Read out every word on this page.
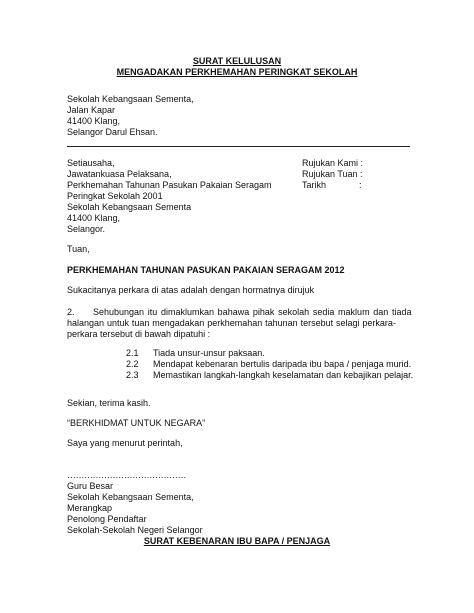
SURAT KELULUSAN
MENGADAKAN PERKHEMAHAN PERINGKAT SEKOLAH
Sekolah Kebangsaan Sementa,
Jalan Kapar
41400 Klang,
Selangor Darul Ehsan.
Setiausaha,
Jawatankuasa Pelaksana,
Perkhemahan Tahunan Pasukan Pakaian Seragam
Peringkat Sekolah 2001
Sekolah Kebangsaan Sementa
41400 Klang,
Selangor.
Rujukan Kami :
Rujukan Tuan :
Tarikh	:
Tuan,
PERKHEMAHAN TAHUNAN PASUKAN PAKAIAN SERAGAM 2012
Sukacitanya perkara di atas adalah dengan hormatnya dirujuk
2. Sehubungan itu dimaklumkan bahawa pihak sekolah sedia maklum dan tiada
halangan untuk tuan mengadakan perkhemahan tahunan tersebut selagi perkara-
perkara tersebut di bawah dipatuhi :
2.1 Tiada unsur-unsur paksaan.
2.2 Mendapat kebenaran bertulis daripada ibu bapa / penjaga murid.
2.3 Memastikan langkah-langkah keselamatan dan kebajikan pelajar.
Sekian, terima kasih.
“BERKHIDMAT UNTUK NEGARA”
Saya yang menurut perintah,
……………………………………
Guru Besar
Sekolah Kebangsaan Sementa,
Merangkap
Penolong Pendaftar
Sekolah-Sekolah Negeri Selangor
SURAT KEBENARAN IBU BAPA / PENJAGA
